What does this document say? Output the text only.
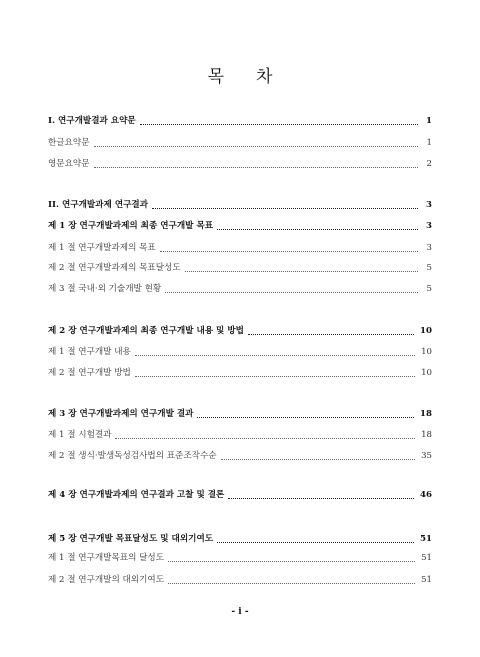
목 차
I. 연구개발결과 요약문	1
한글요약문	1
영문요약문	2
II. 연구개발과제 연구결과	3
제 1 장 연구개발과제의 최종 연구개발 목표	3
제 1 절 연구개발과제의 목표	3
제 2 절 연구개발과제의 목표달성도	5
제 3 절 국내·외 기술개발 현황	5
제 2 장 연구개발과제의 최종 연구개발 내용 및 방법	10
제 1 절 연구개발 내용	10
제 2 절 연구개발 방법	10
제 3 장 연구개발과제의 연구개발 결과	18
제 1 절 시험결과	18
제 2 절 생식·발생독성검사법의 표준조작수순	35
제 4 장 연구개발과제의 연구결과 고찰 및 결론	46
제 5 장 연구개발 목표달성도 및 대외기여도	51
제 1 절 연구개발목표의 달성도	51
제 2 절 연구개발의 대외기여도	51
- i -
